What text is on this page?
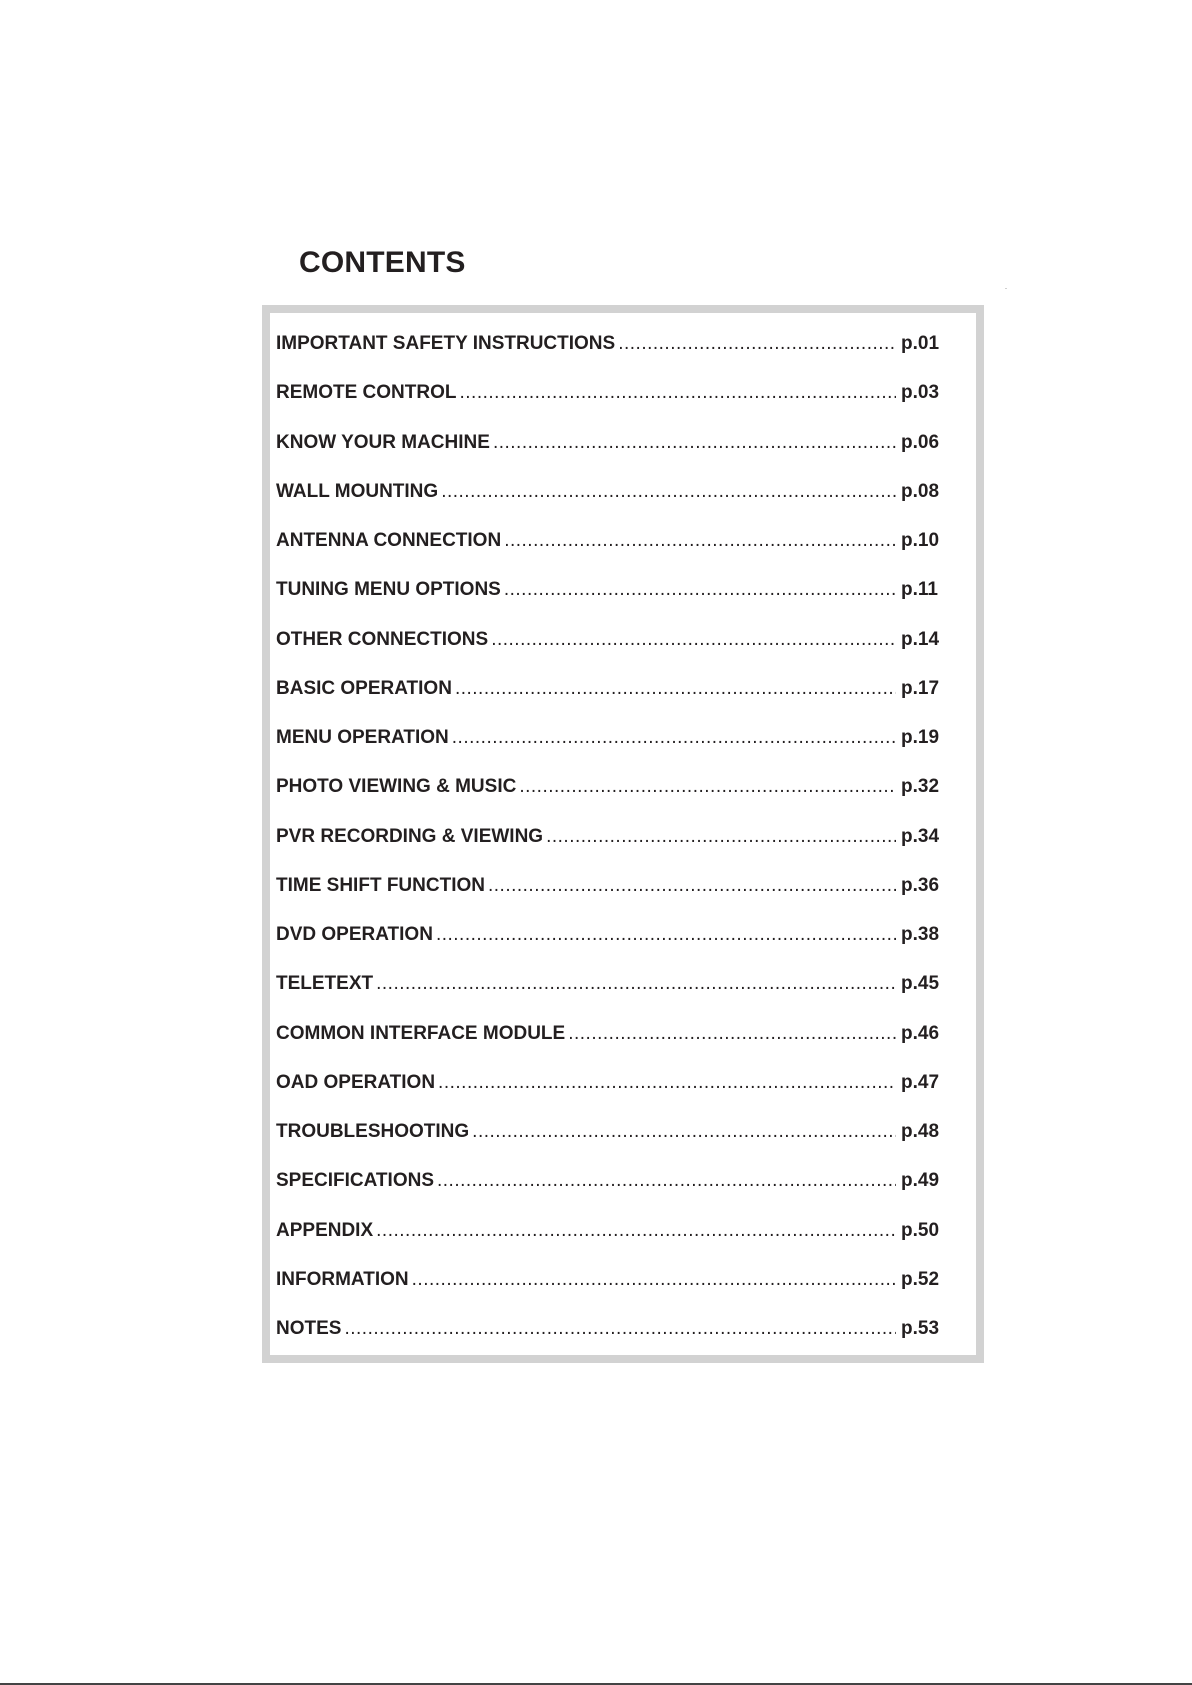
CONTENTS
IMPORTANT SAFETY INSTRUCTIONS .....	p.01
REMOTE CONTROL .....	p.03
KNOW YOUR MACHINE .....	p.06
WALL MOUNTING .....	p.08
ANTENNA CONNECTION .....	p.10
TUNING MENU OPTIONS .....	p.11
OTHER CONNECTIONS .....	p.14
BASIC OPERATION .....	p.17
MENU OPERATION .....	p.19
PHOTO VIEWING & MUSIC .....	p.32
PVR RECORDING & VIEWING .....	p.34
TIME SHIFT FUNCTION .....	p.36
DVD OPERATION .....	p.38
TELETEXT .....	p.45
COMMON INTERFACE MODULE .....	p.46
OAD OPERATION .....	p.47
TROUBLESHOOTING .....	p.48
SPECIFICATIONS .....	p.49
APPENDIX .....	p.50
INFORMATION .....	p.52
NOTES .....	p.53
